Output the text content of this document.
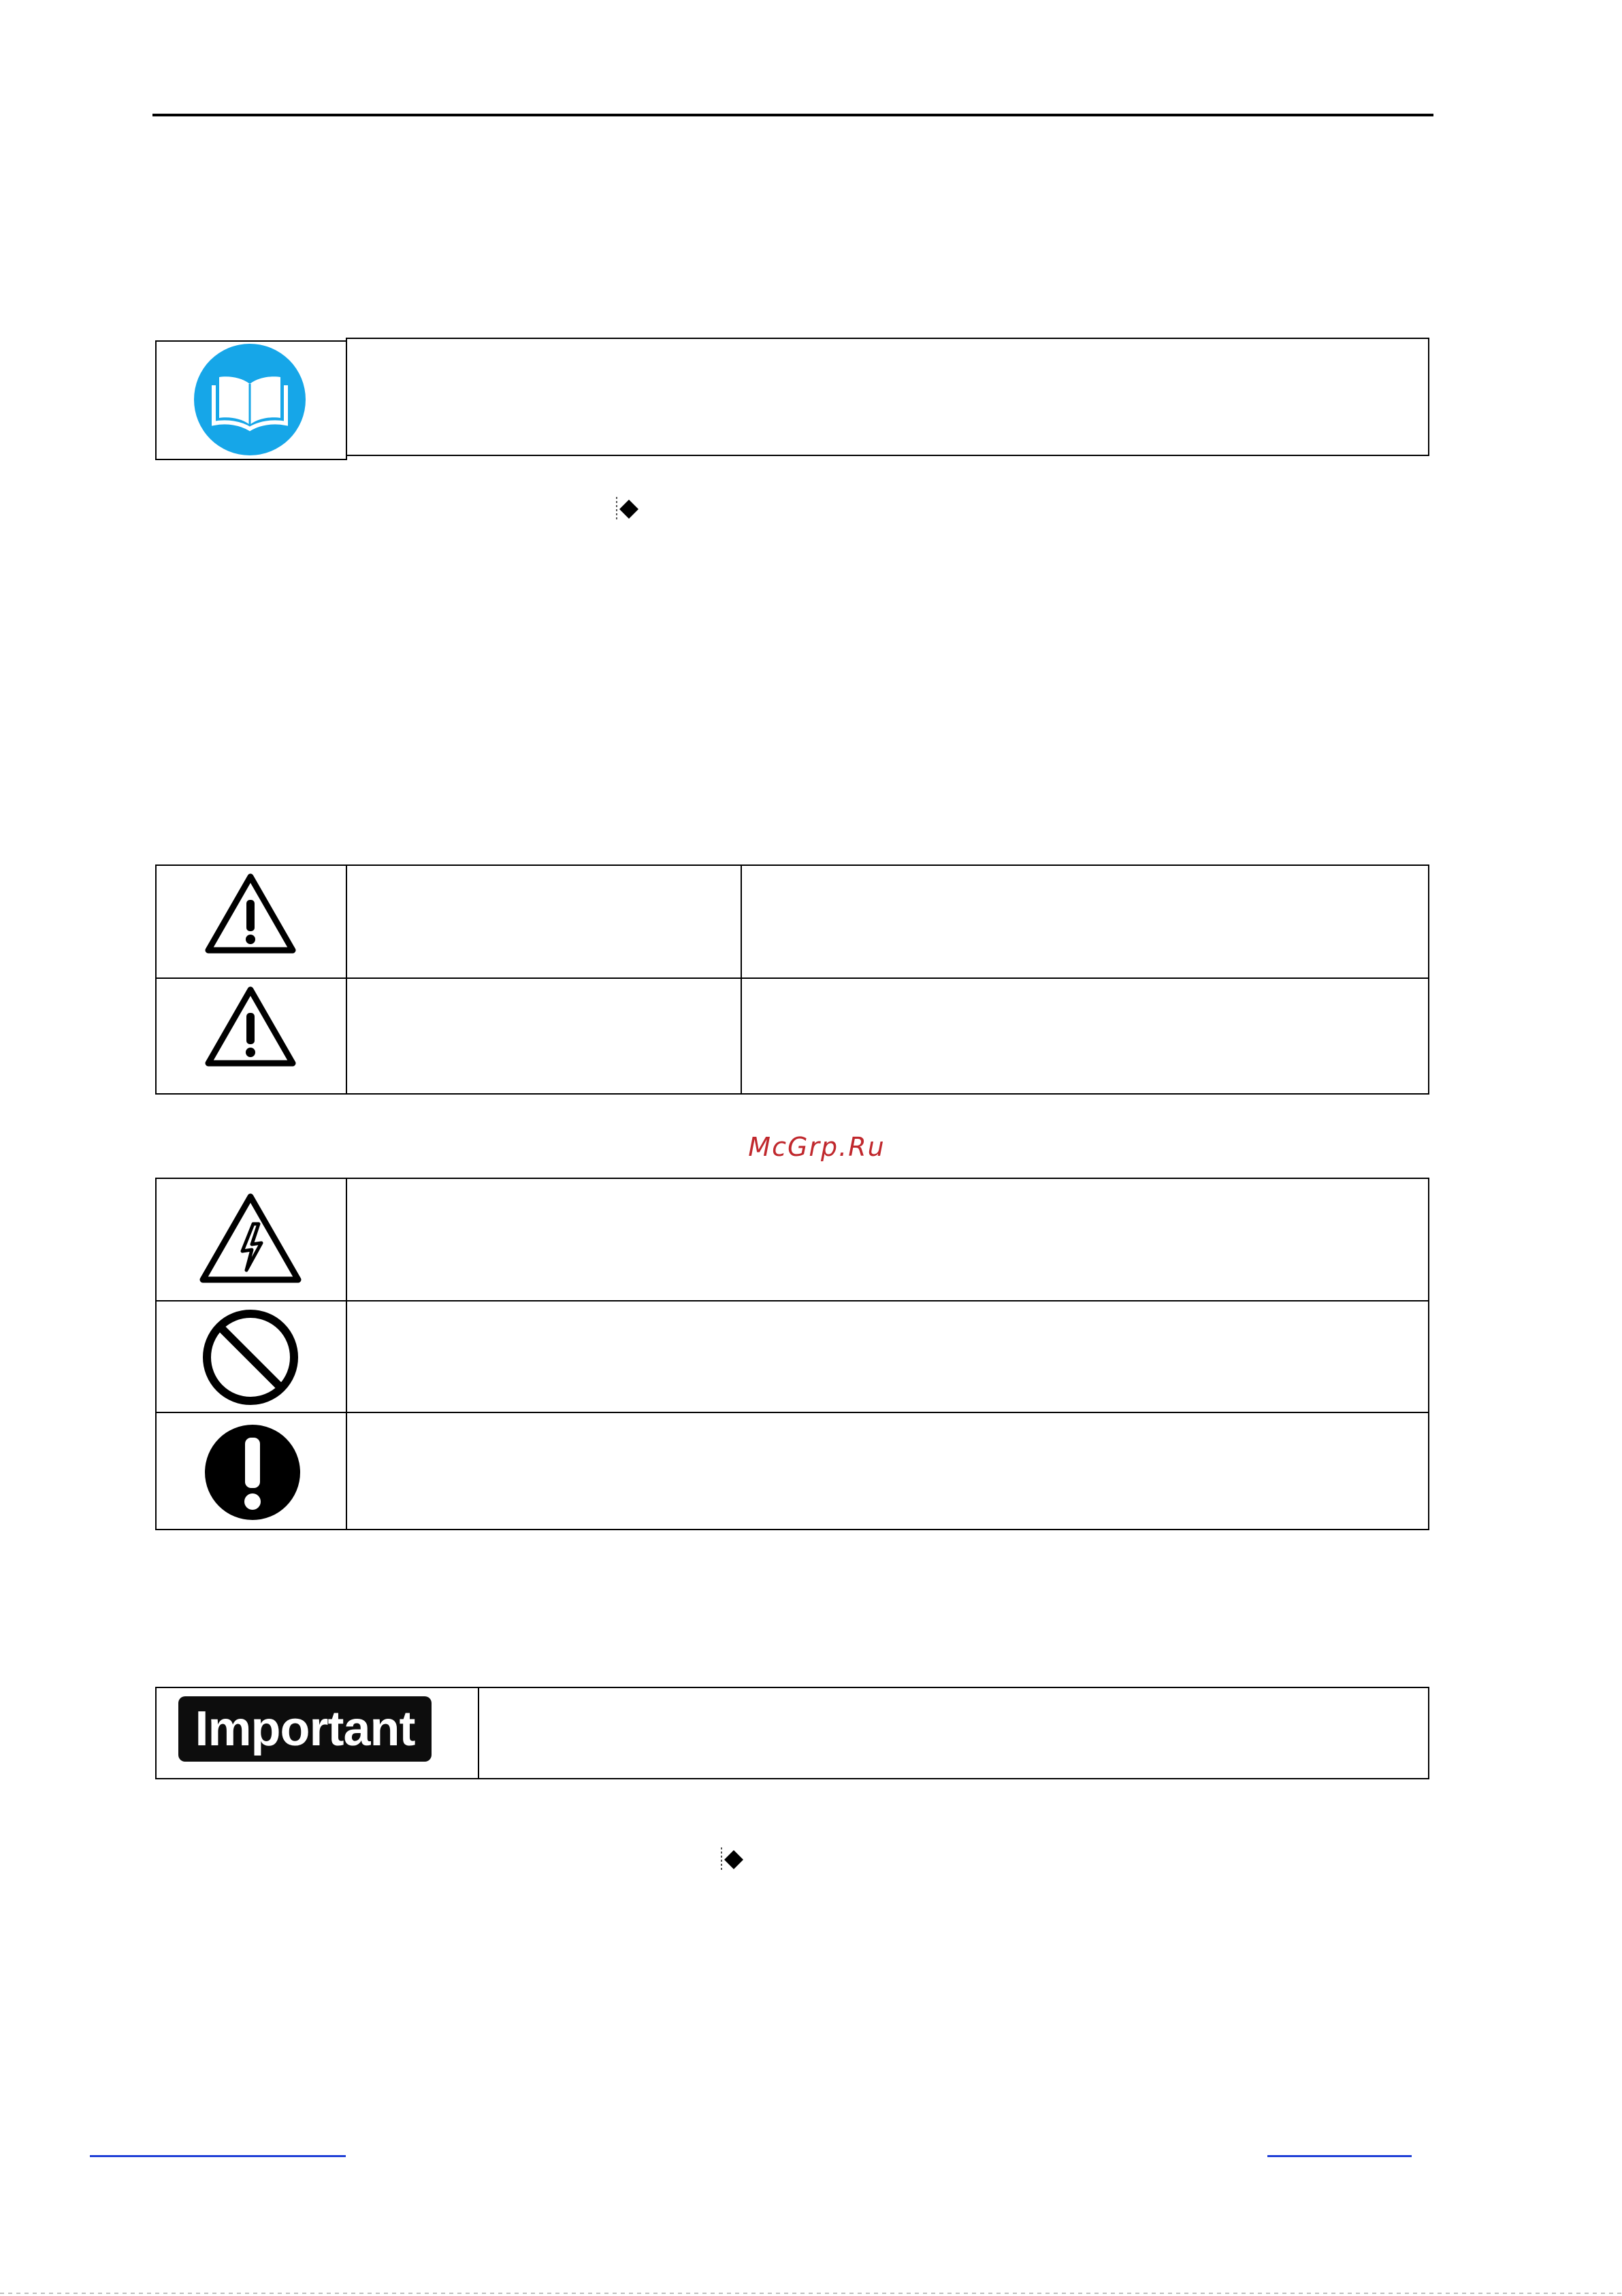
McGrp.Ru
Important
